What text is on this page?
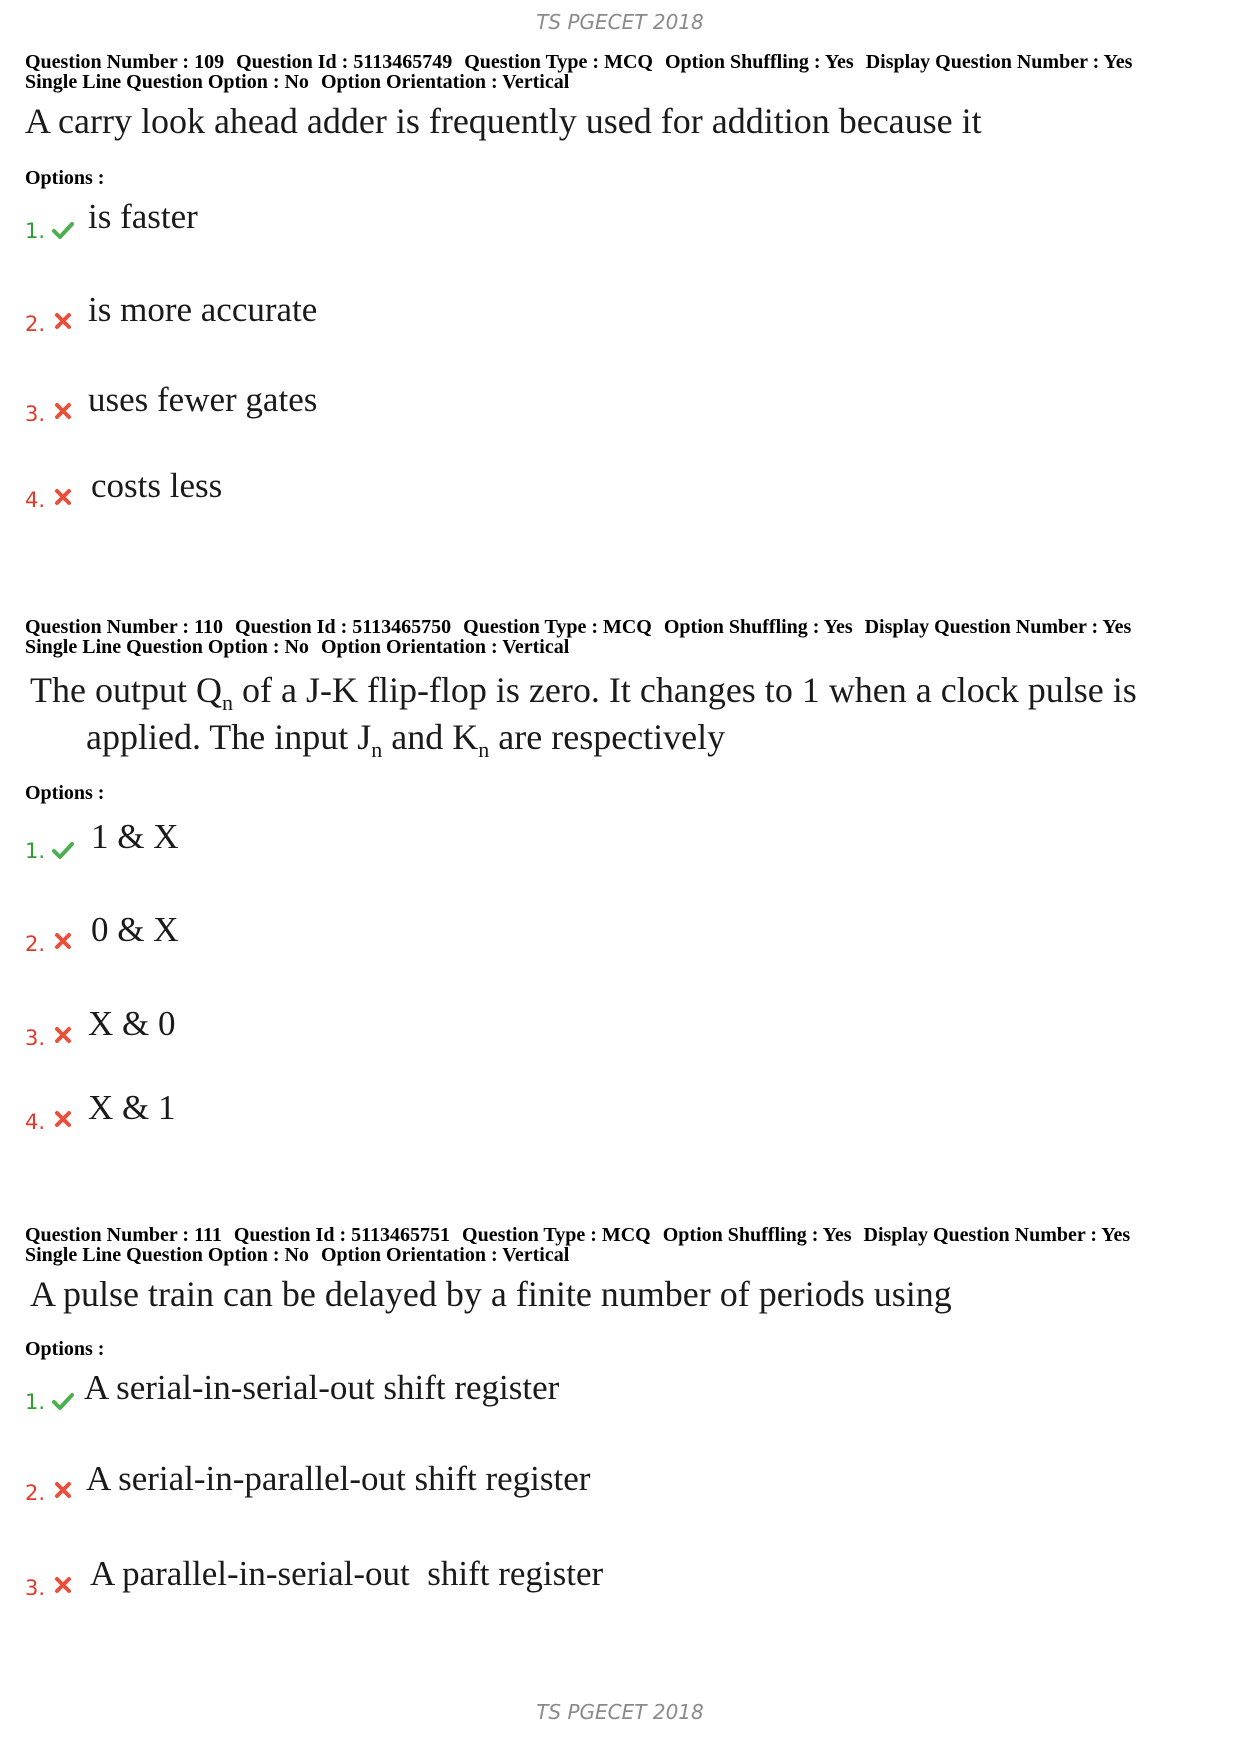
TS PGECET 2018
Question Number : 109 Question Id : 5113465749 Question Type : MCQ Option Shuffling : Yes Display Question Number : Yes
Single Line Question Option : No Option Orientation : Vertical
A carry look ahead adder is frequently used for addition because it
Options :
1. is faster
2. is more accurate
3. uses fewer gates
4. costs less
Question Number : 110 Question Id : 5113465750 Question Type : MCQ Option Shuffling : Yes Display Question Number : Yes
Single Line Question Option : No Option Orientation : Vertical
The output $Q_n$ of a J-K flip-flop is zero. It changes to 1 when a clock pulse is
applied. The input $J_n$ and $K_n$ are respectively
Options :
1. 1 & X
2. 0 & X
3. X & 0
4. X & 1
Question Number : 111 Question Id : 5113465751 Question Type : MCQ Option Shuffling : Yes Display Question Number : Yes
Single Line Question Option : No Option Orientation : Vertical
A pulse train can be delayed by a finite number of periods using
Options :
1. A serial-in-serial-out shift register
2. A serial-in-parallel-out shift register
3. A parallel-in-serial-out  shift register
TS PGECET 2018
